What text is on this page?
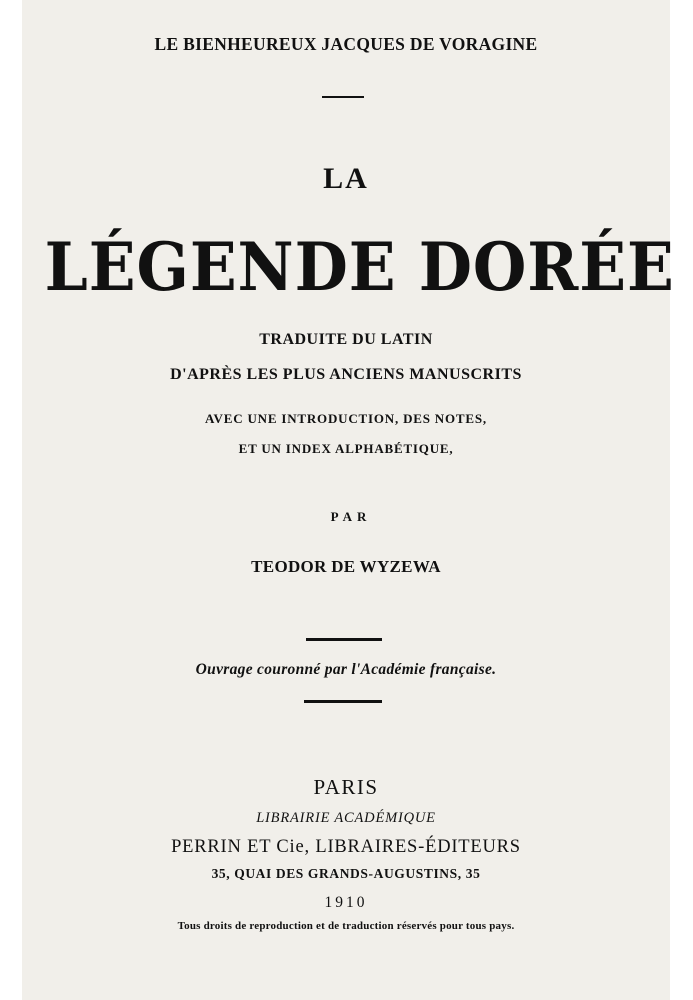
LE BIENHEUREUX JACQUES DE VORAGINE

LA

LÉGENDE DORÉE

TRADUITE DU LATIN

D'APRÈS LES PLUS ANCIENS MANUSCRITS

AVEC UNE INTRODUCTION, DES NOTES,

ET UN INDEX ALPHABÉTIQUE,

PAR

TEODOR DE WYZEWA

Ouvrage couronné par l'Académie française.

PARIS

LIBRAIRIE ACADÉMIQUE

PERRIN ET Cie, LIBRAIRES-ÉDITEURS

35, QUAI DES GRANDS-AUGUSTINS, 35

1910

Tous droits de reproduction et de traduction réservés pour tous pays.
